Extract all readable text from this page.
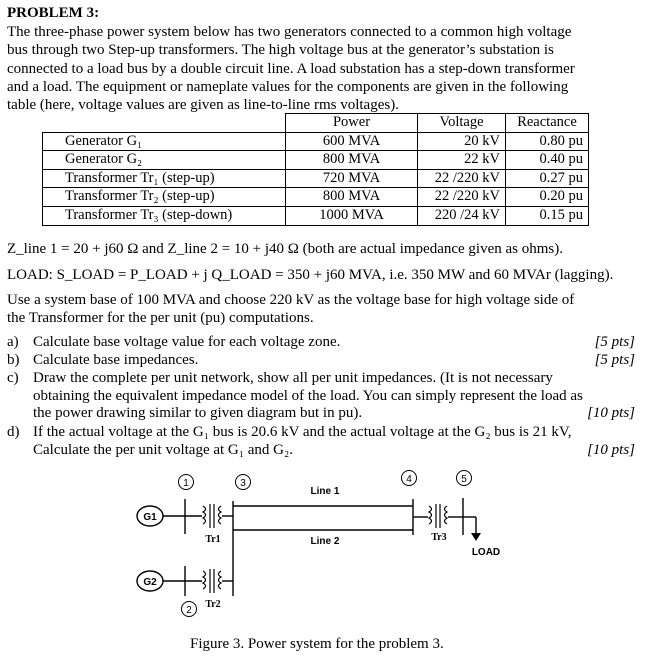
PROBLEM 3:

The three-phase power system below has two generators connected to a common high voltage

bus through two Step-up transformers. The high voltage bus at the generator’s substation is

connected to a load bus by a double circuit line. A load substation has a step-down transformer

and a load. The equipment or nameplate values for the components are given in the following

table (here, voltage values are given as line-to-line rms voltages).

	Power	Voltage	Reactance
Generator G₁	600 MVA	20 kV	0.80 pu
Generator G₂	800 MVA	22 kV	0.40 pu
Transformer Tr₁ (step-up)	720 MVA	22 /220 kV	0.27 pu
Transformer Tr₂ (step-up)	800 MVA	22 /220 kV	0.20 pu
Transformer Tr₃ (step-down)	1000 MVA	220 /24 kV	0.15 pu
Z_line 1 = 20 + j60 Ω and Z_line 2 = 10 + j40 Ω (both are actual impedance given as ohms).
LOAD: S_LOAD = P_LOAD + j Q_LOAD = 350 + j60 MVA, i.e. 350 MW and 60 MVAr (lagging).
Use a system base of 100 MVA and choose 220 kV as the voltage base for high voltage side of
the Transformer for the per unit (pu) computations.
a) Calculate base voltage value for each voltage zone.	[5 pts]
b) Calculate base impedances.	[5 pts]
c) Draw the complete per unit network, show all per unit impedances. (It is not necessary
obtaining the equivalent impedance model of the load. You can simply represent the load as
the power drawing similar to given diagram but in pu).	[10 pts]
d) If the actual voltage at the G₁ bus is 20.6 kV and the actual voltage at the G₂ bus is 21 kV,
Calculate the per unit voltage at G₁ and G₂.	[10 pts]
1
2
3	4	5
G1
G2
Line 1
Line 2
LOAD
Tr1
Tr2
Tr3
Figure 3. Power system for the problem 3.
